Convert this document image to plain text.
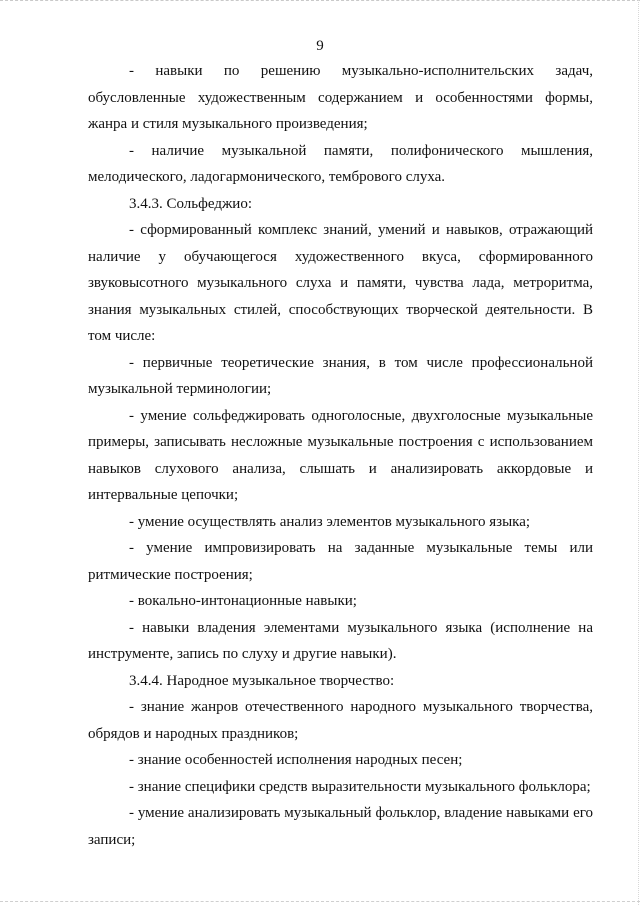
9

- навыки по решению музыкально-исполнительских задач, обусловленные художественным содержанием и особенностями формы, жанра и стиля музыкального произведения;

- наличие музыкальной памяти, полифонического мышления, мелодического, ладогармонического, тембрового слуха.

3.4.3. Сольфеджио:

- сформированный комплекс знаний, умений и навыков, отражающий наличие у обучающегося художественного вкуса, сформированного звуковысотного музыкального слуха и памяти, чувства лада, метроритма, знания музыкальных стилей, способствующих творческой деятельности. В том числе:

- первичные теоретические знания, в том числе профессиональной музыкальной терминологии;

- умение сольфеджировать одноголосные, двухголосные музыкальные примеры, записывать несложные музыкальные построения с использованием навыков слухового анализа, слышать и анализировать аккордовые и интервальные цепочки;

- умение осуществлять анализ элементов музыкального языка;

- умение импровизировать на заданные музыкальные темы или ритмические построения;

- вокально-интонационные навыки;

- навыки владения элементами музыкального языка (исполнение на инструменте, запись по слуху и другие навыки).

3.4.4. Народное музыкальное творчество:

- знание жанров отечественного народного музыкального творчества, обрядов и народных праздников;

- знание особенностей исполнения народных песен;

- знание специфики средств выразительности музыкального фольклора;

- умение анализировать музыкальный фольклор, владение навыками его записи;
